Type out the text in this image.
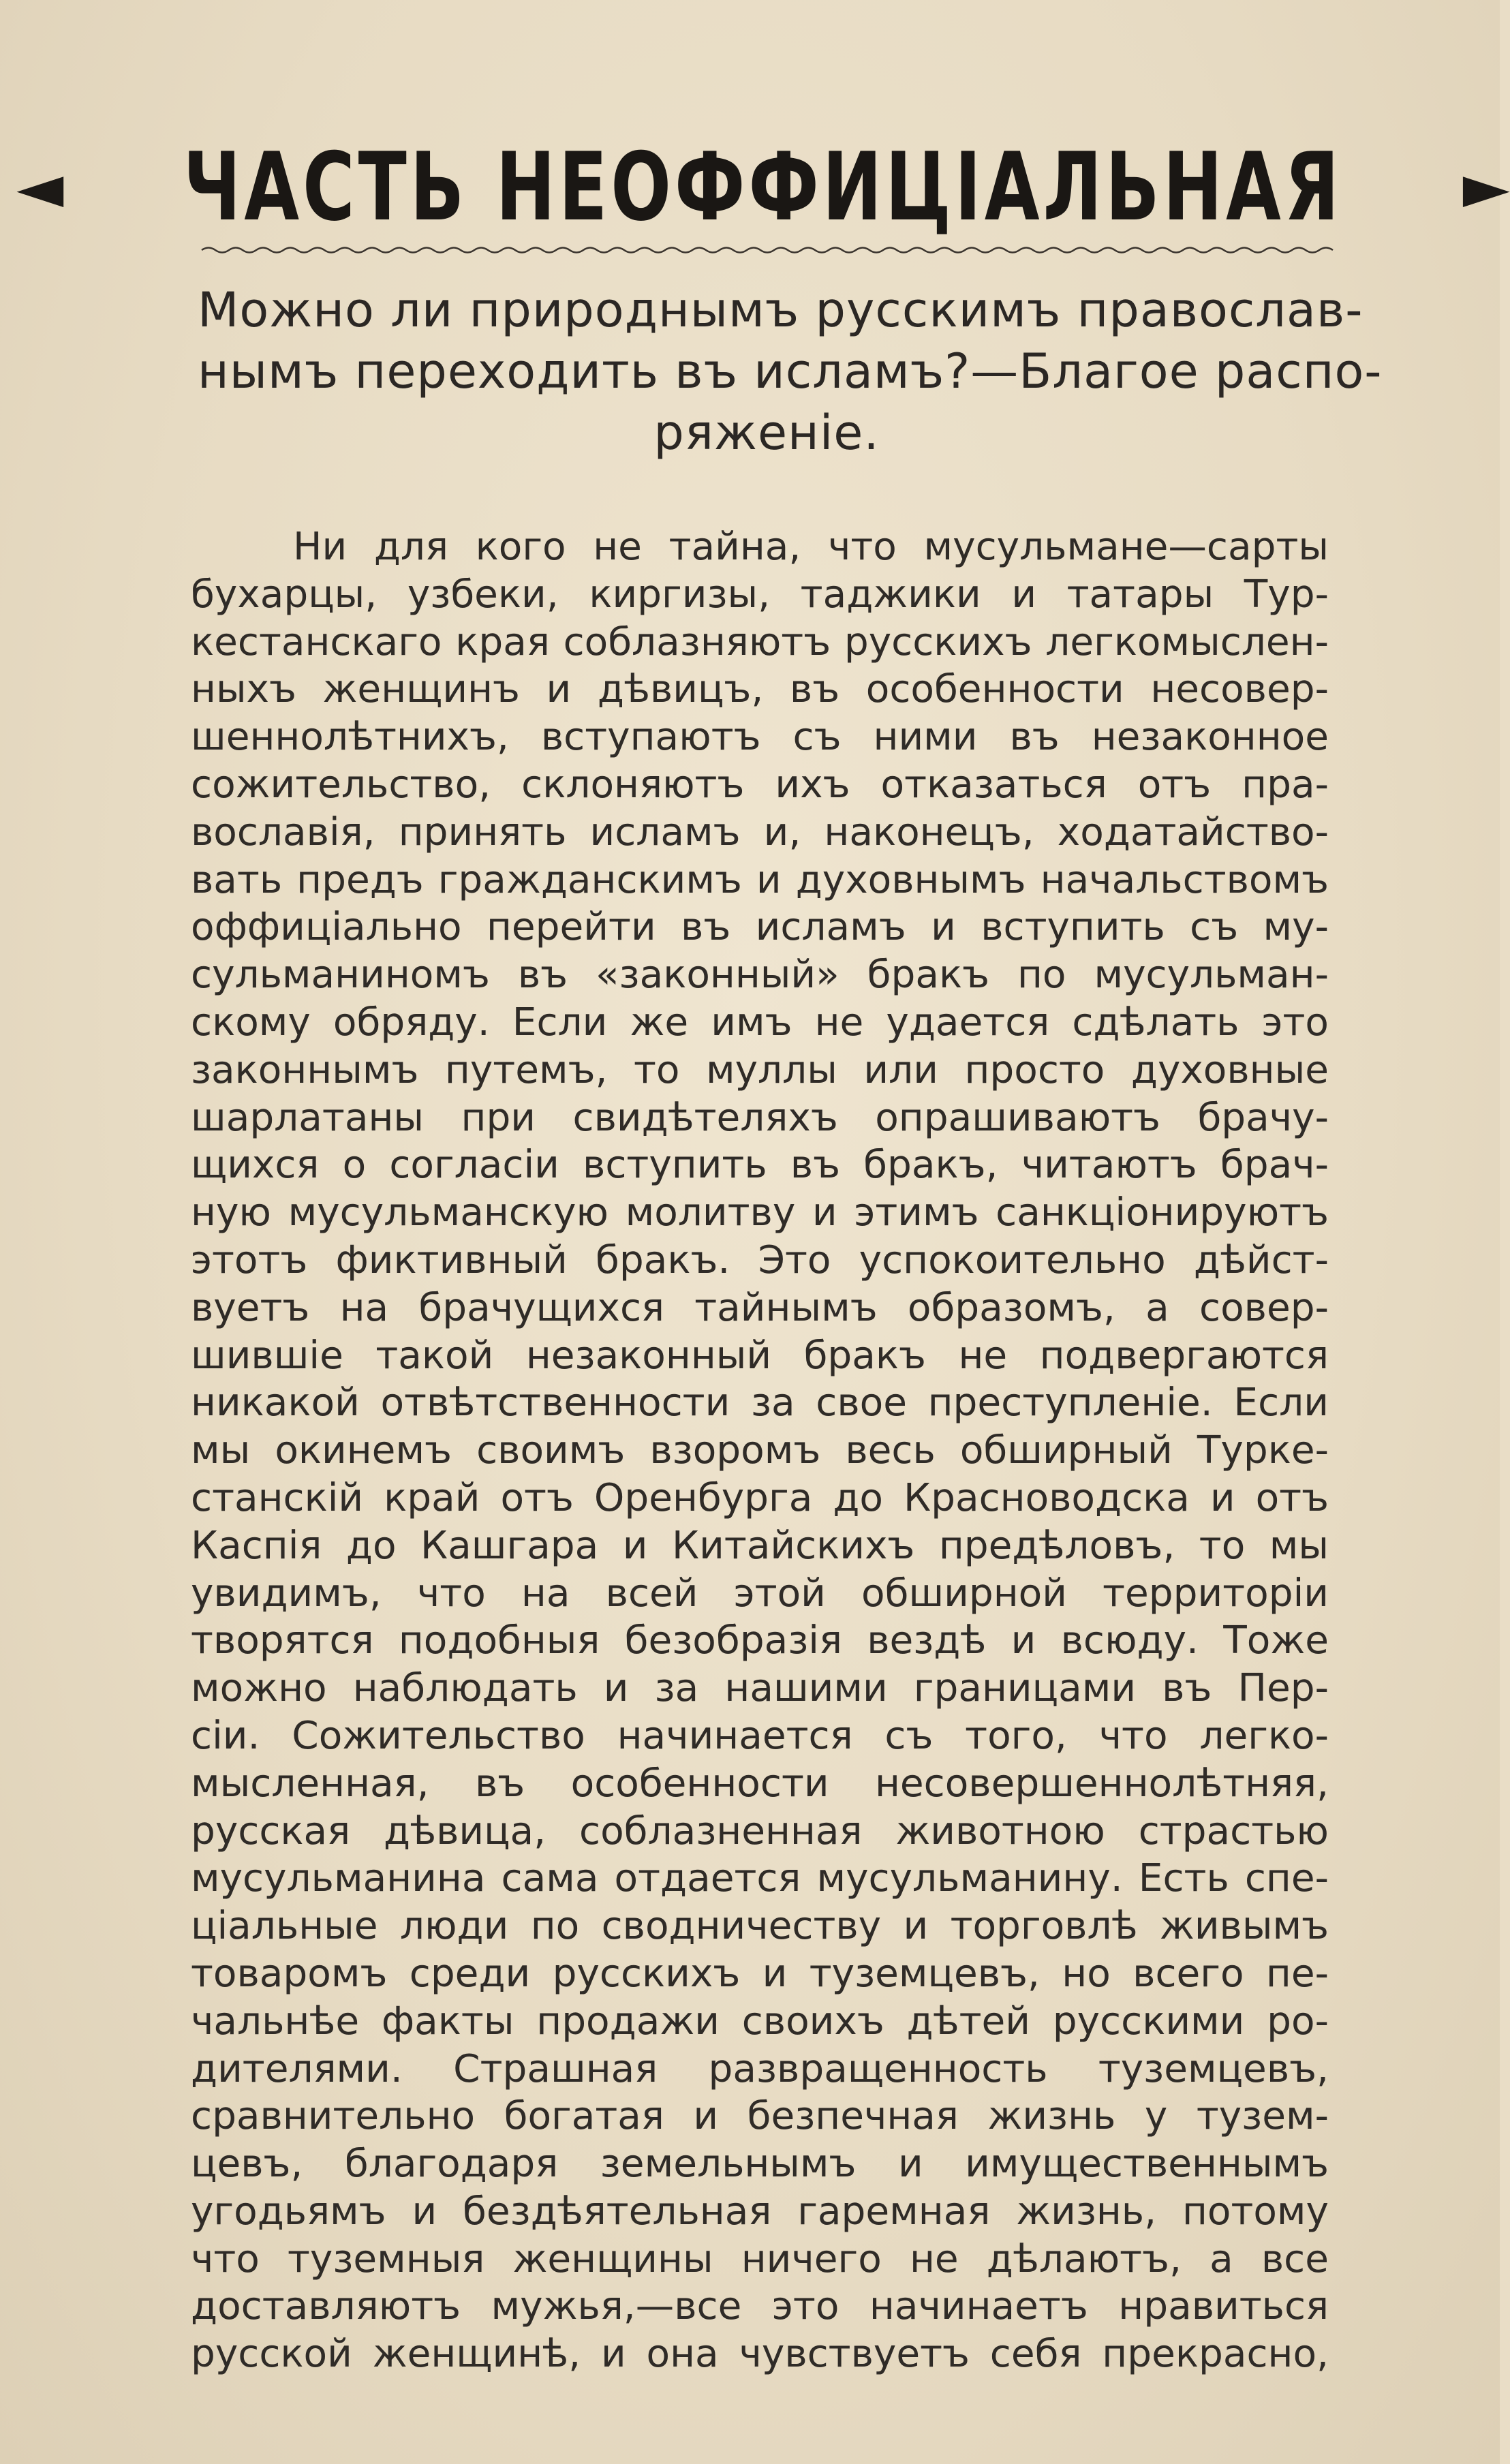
◄ ЧАСТЬ НЕОФФИЦІАЛЬНАЯ ►
Можно ли природнымъ русскимъ православ-
нымъ переходить въ исламъ?—Благое распо-
ряженіе.
Ни для кого не тайна, что мусульмане—сарты
бухарцы, узбеки, киргизы, таджики и татары Тур-
кестанскаго края соблазняютъ русскихъ легкомыслен-
ныхъ женщинъ и дѣвицъ, въ особенности несовер-
шеннолѣтнихъ, вступаютъ съ ними въ незаконное
сожительство, склоняютъ ихъ отказаться отъ пра-
вославія, принять исламъ и, наконецъ, ходатайство-
вать предъ гражданскимъ и духовнымъ начальствомъ
оффиціально перейти въ исламъ и вступить съ му-
сульманиномъ въ «законный» бракъ по мусульман-
скому обряду. Если же имъ не удается сдѣлать это
законнымъ путемъ, то муллы или просто духовные
шарлатаны при свидѣтеляхъ опрашиваютъ брачу-
щихся о согласіи вступить въ бракъ, читаютъ брач-
ную мусульманскую молитву и этимъ санкціонируютъ
этотъ фиктивный бракъ. Это успокоительно дѣйст-
вуетъ на брачущихся тайнымъ образомъ, а совер-
шившіе такой незаконный бракъ не подвергаются
никакой отвѣтственности за свое преступленіе. Если
мы окинемъ своимъ взоромъ весь обширный Турке-
станскій край отъ Оренбурга до Красноводска и отъ
Каспія до Кашгара и Китайскихъ предѣловъ, то мы
увидимъ, что на всей этой обширной территоріи
творятся подобныя безобразія вездѣ и всюду. Тоже
можно наблюдать и за нашими границами въ Пер-
сіи. Сожительство начинается съ того, что легко-
мысленная, въ особенности несовершеннолѣтняя,
русская дѣвица, соблазненная животною страстью
мусульманина сама отдается мусульманину. Есть спе-
ціальные люди по сводничеству и торговлѣ живымъ
товаромъ среди русскихъ и туземцевъ, но всего пе-
чальнѣе факты продажи своихъ дѣтей русскими ро-
дителями. Страшная развращенность туземцевъ,
сравнительно богатая и безпечная жизнь у тузем-
цевъ, благодаря земельнымъ и имущественнымъ
угодьямъ и бездѣятельная гаремная жизнь, потому
что туземныя женщины ничего не дѣлаютъ, а все
доставляютъ мужья,—все это начинаетъ нравиться
русской женщинѣ, и она чувствуетъ себя прекрасно,
